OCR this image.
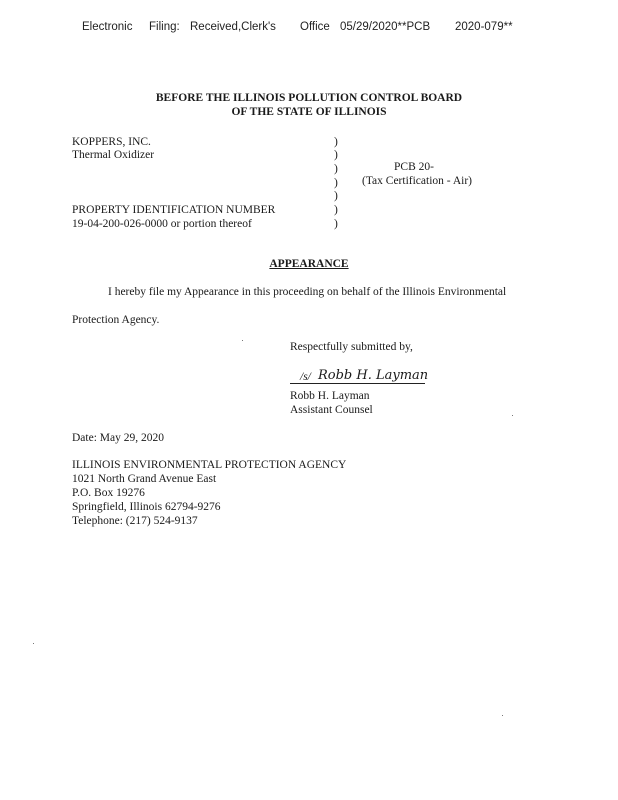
Electronic Filing: Received,Clerk's Office 05/29/2020**PCB 2020-079**
BEFORE THE ILLINOIS POLLUTION CONTROL BOARD
OF THE STATE OF ILLINOIS
KOPPERS, INC.
Thermal Oxidizer
PROPERTY IDENTIFICATION NUMBER
19-04-200-026-0000 or portion thereof
)
)
)
)
)
)
)
PCB 20-
(Tax Certification - Air)
APPEARANCE
I hereby file my Appearance in this proceeding on behalf of the Illinois Environmental
Protection Agency.
Respectfully submitted by,
/s/ Robb H. Layman
Robb H. Layman
Assistant Counsel
Date: May 29, 2020
ILLINOIS ENVIRONMENTAL PROTECTION AGENCY
1021 North Grand Avenue East
P.O. Box 19276
Springfield, Illinois 62794-9276
Telephone: (217) 524-9137
